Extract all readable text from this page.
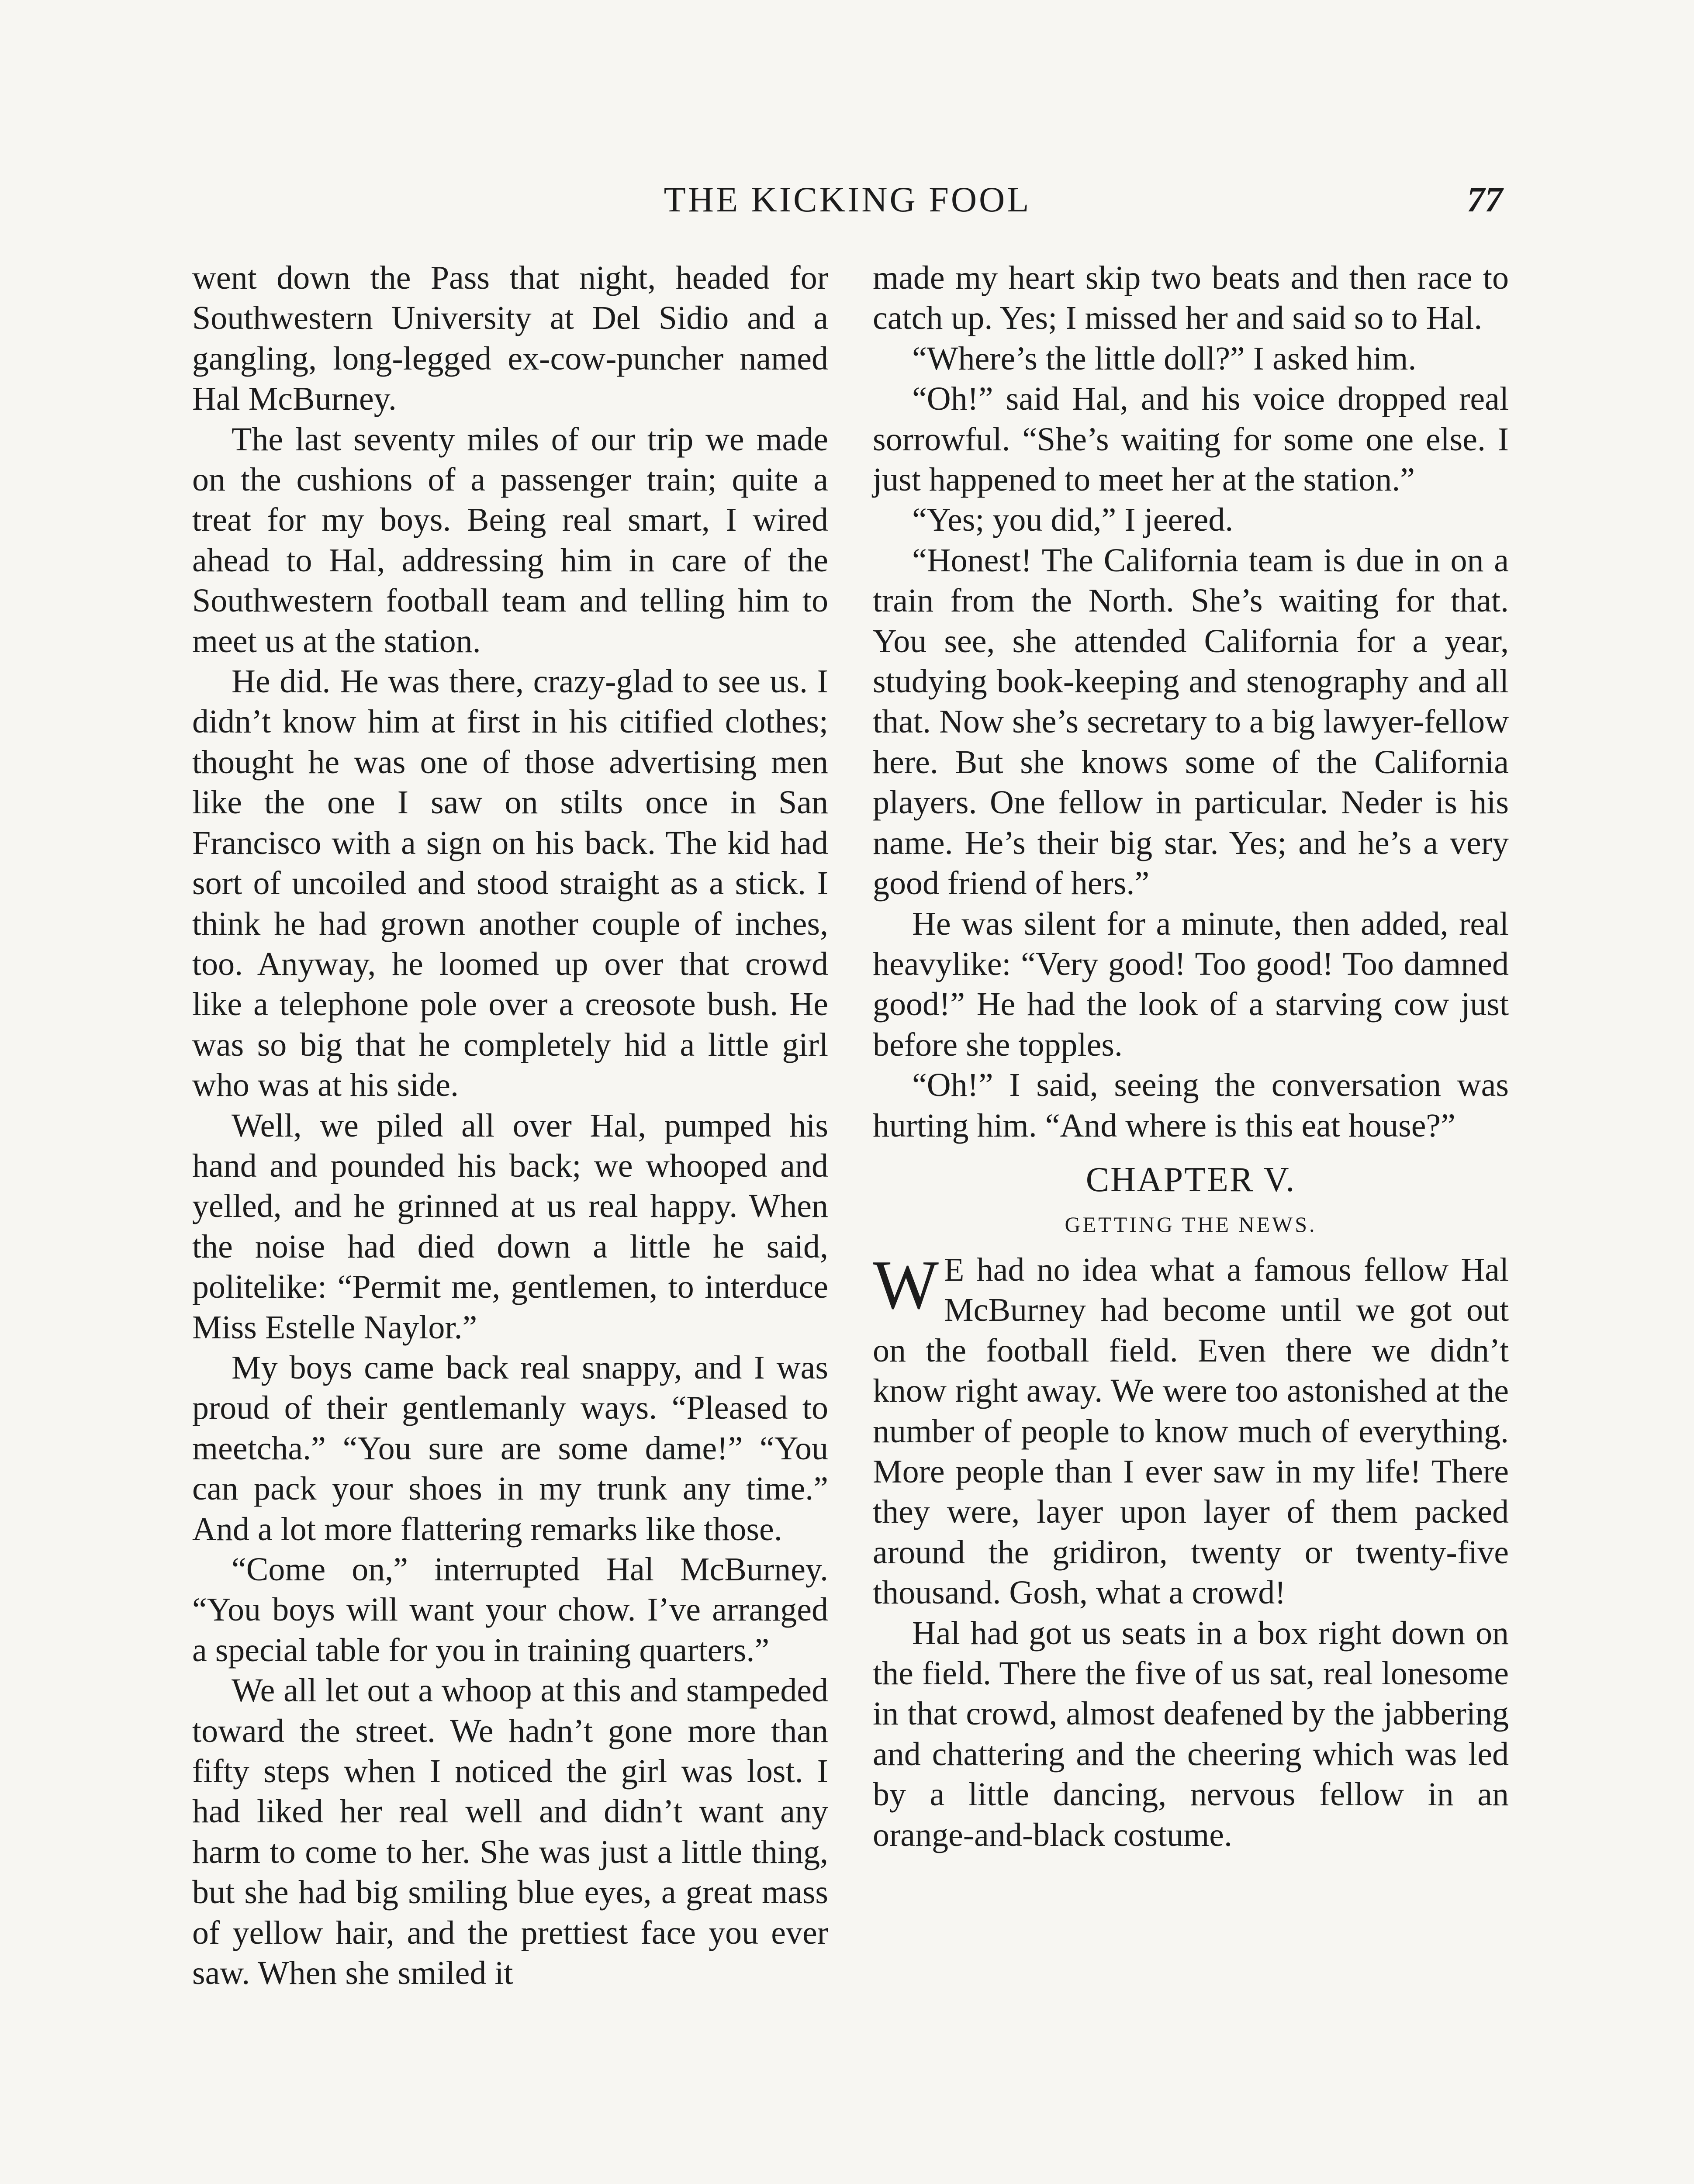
THE KICKING FOOL	77

went down the Pass that night, headed for Southwestern University at Del Sidio and a gangling, long-legged ex-cow-puncher named Hal McBurney.

The last seventy miles of our trip we made on the cushions of a passenger train; quite a treat for my boys. Being real smart, I wired ahead to Hal, addressing him in care of the Southwestern football team and telling him to meet us at the station.

He did. He was there, crazy-glad to see us. I didn’t know him at first in his citified clothes; thought he was one of those advertising men like the one I saw on stilts once in San Francisco with a sign on his back. The kid had sort of uncoiled and stood straight as a stick. I think he had grown another couple of inches, too. Anyway, he loomed up over that crowd like a telephone pole over a creosote bush. He was so big that he completely hid a little girl who was at his side.

Well, we piled all over Hal, pumped his hand and pounded his back; we whooped and yelled, and he grinned at us real happy. When the noise had died down a little he said, politelike: “Permit me, gentlemen, to interduce Miss Estelle Naylor.”

My boys came back real snappy, and I was proud of their gentlemanly ways. “Pleased to meetcha.” “You sure are some dame!” “You can pack your shoes in my trunk any time.” And a lot more flattering remarks like those.

“Come on,” interrupted Hal McBurney. “You boys will want your chow. I’ve arranged a special table for you in training quarters.”

We all let out a whoop at this and stampeded toward the street. We hadn’t gone more than fifty steps when I noticed the girl was lost. I had liked her real well and didn’t want any harm to come to her. She was just a little thing, but she had big smiling blue eyes, a great mass of yellow hair, and the prettiest face you ever saw. When she smiled it

made my heart skip two beats and then race to catch up. Yes; I missed her and said so to Hal.

“Where’s the little doll?” I asked him.

“Oh!” said Hal, and his voice dropped real sorrowful. “She’s waiting for some one else. I just happened to meet her at the station.”

“Yes; you did,” I jeered.

“Honest! The California team is due in on a train from the North. She’s waiting for that. You see, she attended California for a year, studying book-keeping and stenography and all that. Now she’s secretary to a big lawyer-fellow here. But she knows some of the California players. One fellow in particular. Neder is his name. He’s their big star. Yes; and he’s a very good friend of hers.”

He was silent for a minute, then added, real heavylike: “Very good! Too good! Too damned good!” He had the look of a starving cow just before she topples.

“Oh!” I said, seeing the conversation was hurting him. “And where is this eat house?”

CHAPTER V.
GETTING THE NEWS.

W E had no idea what a famous fellow Hal McBurney had become until we got out on the football field. Even there we didn’t know right away. We were too astonished at the number of people to know much of everything. More people than I ever saw in my life! There they were, layer upon layer of them packed around the gridiron, twenty or twenty-five thousand. Gosh, what a crowd!

Hal had got us seats in a box right down on the field. There the five of us sat, real lonesome in that crowd, almost deafened by the jabbering and chattering and the cheering which was led by a little dancing, nervous fellow in an orange-and-black costume.
